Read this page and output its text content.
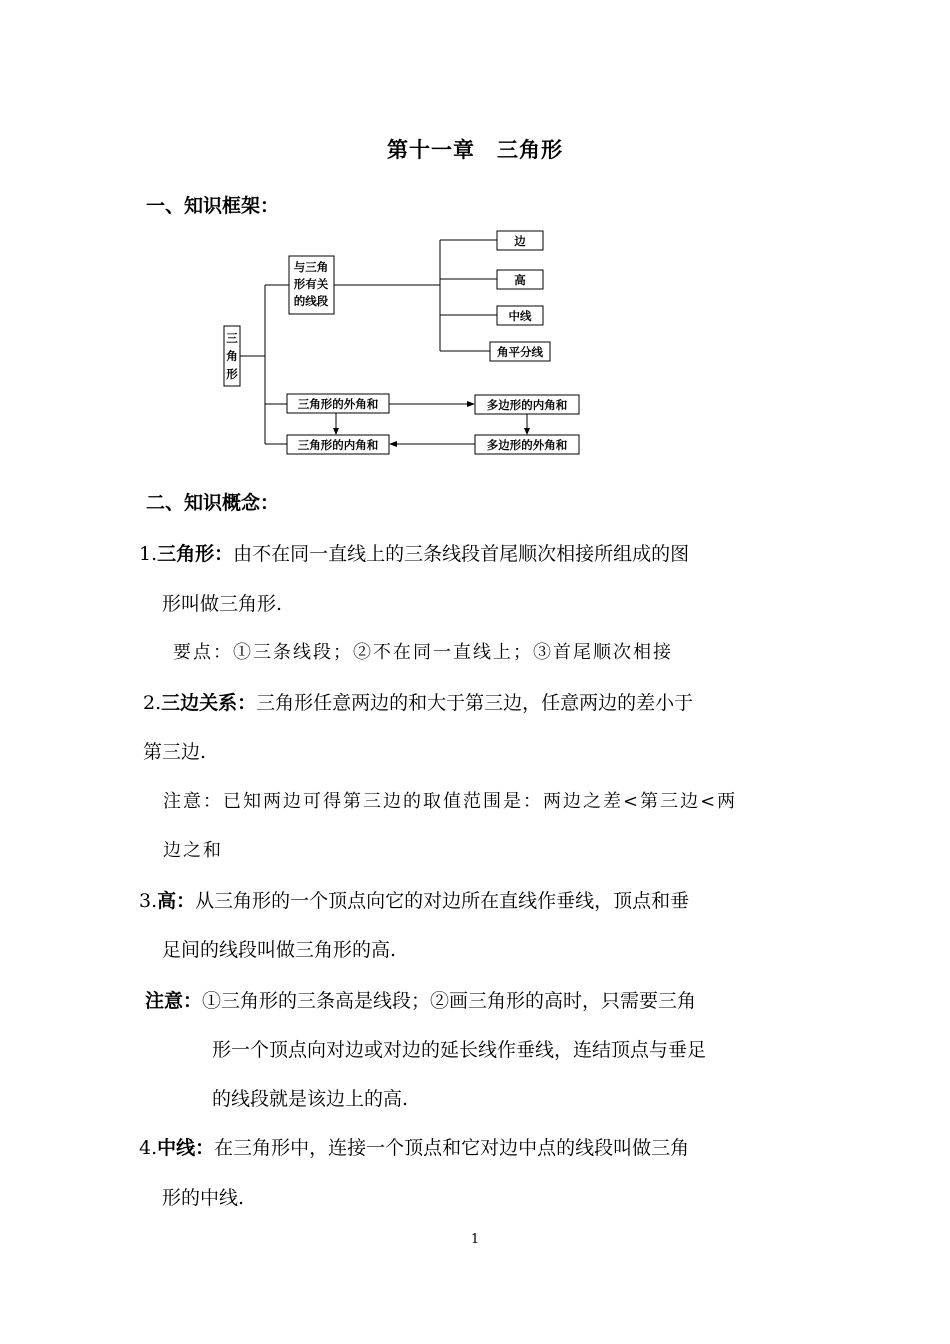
第十一章　三角形
一、知识框架：
三
角
形
与三角
形有关
的线段
边
高
中线
角平分线
三角形的外角和
三角形的内角和
多边形的内角和
多边形的外角和
二、知识概念：
1.三角形：由不在同一直线上的三条线段首尾顺次相接所组成的图
形叫做三角形.
要点：①三条线段；②不在同一直线上；③首尾顺次相接
2.三边关系：三角形任意两边的和大于第三边，任意两边的差小于
第三边.
注意：已知两边可得第三边的取值范围是：两边之差<第三边<两
边之和
3.高：从三角形的一个顶点向它的对边所在直线作垂线，顶点和垂
足间的线段叫做三角形的高.
注意：①三角形的三条高是线段；②画三角形的高时，只需要三角
形一个顶点向对边或对边的延长线作垂线，连结顶点与垂足
的线段就是该边上的高.
4.中线：在三角形中，连接一个顶点和它对边中点的线段叫做三角
形的中线.
1
